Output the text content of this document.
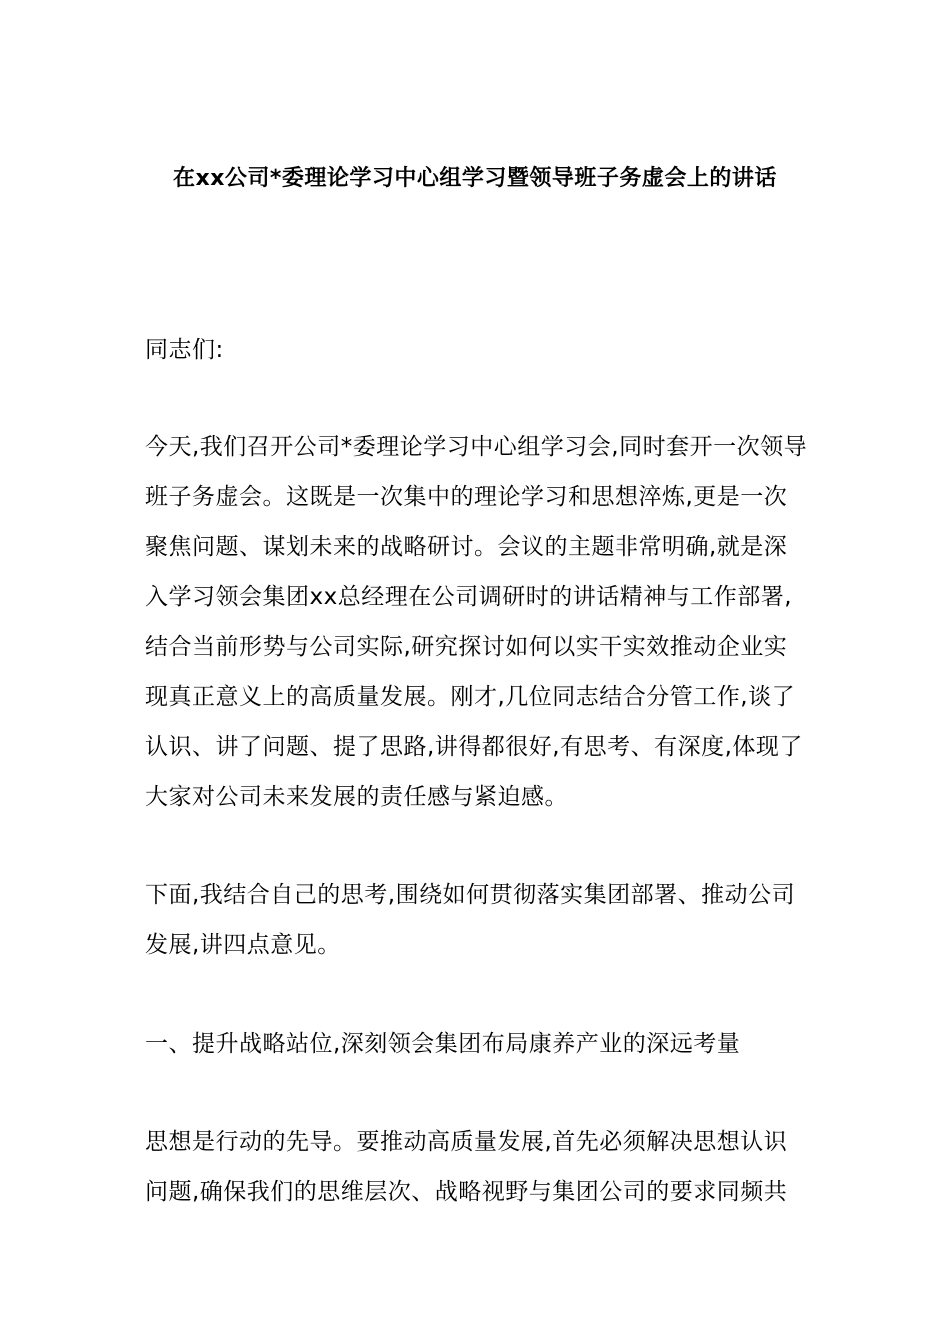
在xx公司*委理论学习中心组学习暨领导班子务虚会上的讲话

同志们:

今天,我们召开公司*委理论学习中心组学习会,同时套开一次领导班子务虚会。这既是一次集中的理论学习和思想淬炼,更是一次聚焦问题、谋划未来的战略研讨。会议的主题非常明确,就是深入学习领会集团xx总经理在公司调研时的讲话精神与工作部署,结合当前形势与公司实际,研究探讨如何以实干实效推动企业实现真正意义上的高质量发展。刚才,几位同志结合分管工作,谈了认识、讲了问题、提了思路,讲得都很好,有思考、有深度,体现了大家对公司未来发展的责任感与紧迫感。

下面,我结合自己的思考,围绕如何贯彻落实集团部署、推动公司发展,讲四点意见。

一、提升战略站位,深刻领会集团布局康养产业的深远考量

思想是行动的先导。要推动高质量发展,首先必须解决思想认识问题,确保我们的思维层次、战略视野与集团公司的要求同频共
